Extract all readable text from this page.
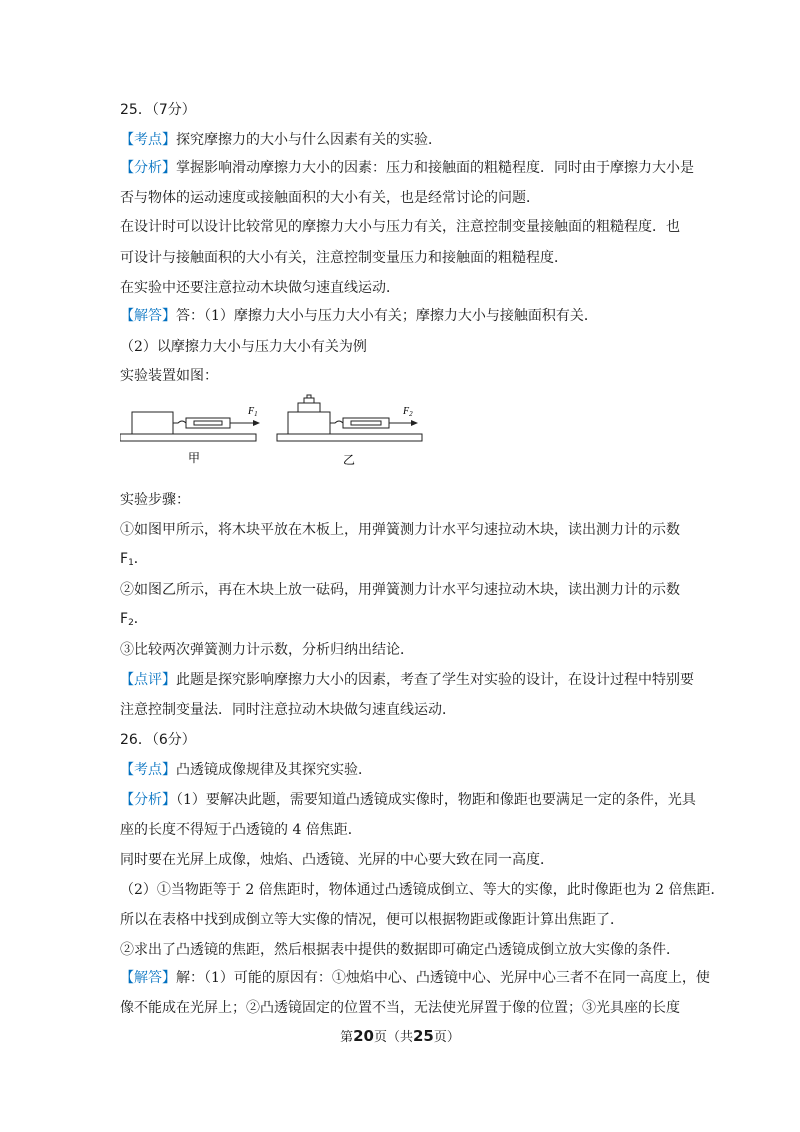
25．（7分）
【考点】探究摩擦力的大小与什么因素有关的实验．
【分析】掌握影响滑动摩擦力大小的因素：压力和接触面的粗糙程度．同时由于摩擦力大小是
否与物体的运动速度或接触面积的大小有关，也是经常讨论的问题．
在设计时可以设计比较常见的摩擦力大小与压力有关，注意控制变量接触面的粗糙程度．也
可设计与接触面积的大小有关，注意控制变量压力和接触面的粗糙程度．
在实验中还要注意拉动木块做匀速直线运动．
【解答】答：（1）摩擦力大小与压力大小有关；摩擦力大小与接触面积有关．
（2）以摩擦力大小与压力大小有关为例
实验装置如图：
$F_1$
甲
$F_2$
乙
实验步骤：
①如图甲所示，将木块平放在木板上，用弹簧测力计水平匀速拉动木块，读出测力计的示数
$F_1$．
②如图乙所示，再在木块上放一砝码，用弹簧测力计水平匀速拉动木块，读出测力计的示数
$F_2$．
③比较两次弹簧测力计示数，分析归纳出结论．
【点评】此题是探究影响摩擦力大小的因素，考查了学生对实验的设计，在设计过程中特别要
注意控制变量法．同时注意拉动木块做匀速直线运动．
26．（6分）
【考点】凸透镜成像规律及其探究实验．
【分析】（1）要解决此题，需要知道凸透镜成实像时，物距和像距也要满足一定的条件，光具
座的长度不得短于凸透镜的 4 倍焦距．
同时要在光屏上成像，烛焰、凸透镜、光屏的中心要大致在同一高度．
（2）①当物距等于 2 倍焦距时，物体通过凸透镜成倒立、等大的实像，此时像距也为 2 倍焦距．
所以在表格中找到成倒立等大实像的情况，便可以根据物距或像距计算出焦距了．
②求出了凸透镜的焦距，然后根据表中提供的数据即可确定凸透镜成倒立放大实像的条件．
【解答】解：（1）可能的原因有：①烛焰中心、凸透镜中心、光屏中心三者不在同一高度上，使
像不能成在光屏上；②凸透镜固定的位置不当，无法使光屏置于像的位置；③光具座的长度
第20页（共25页）
